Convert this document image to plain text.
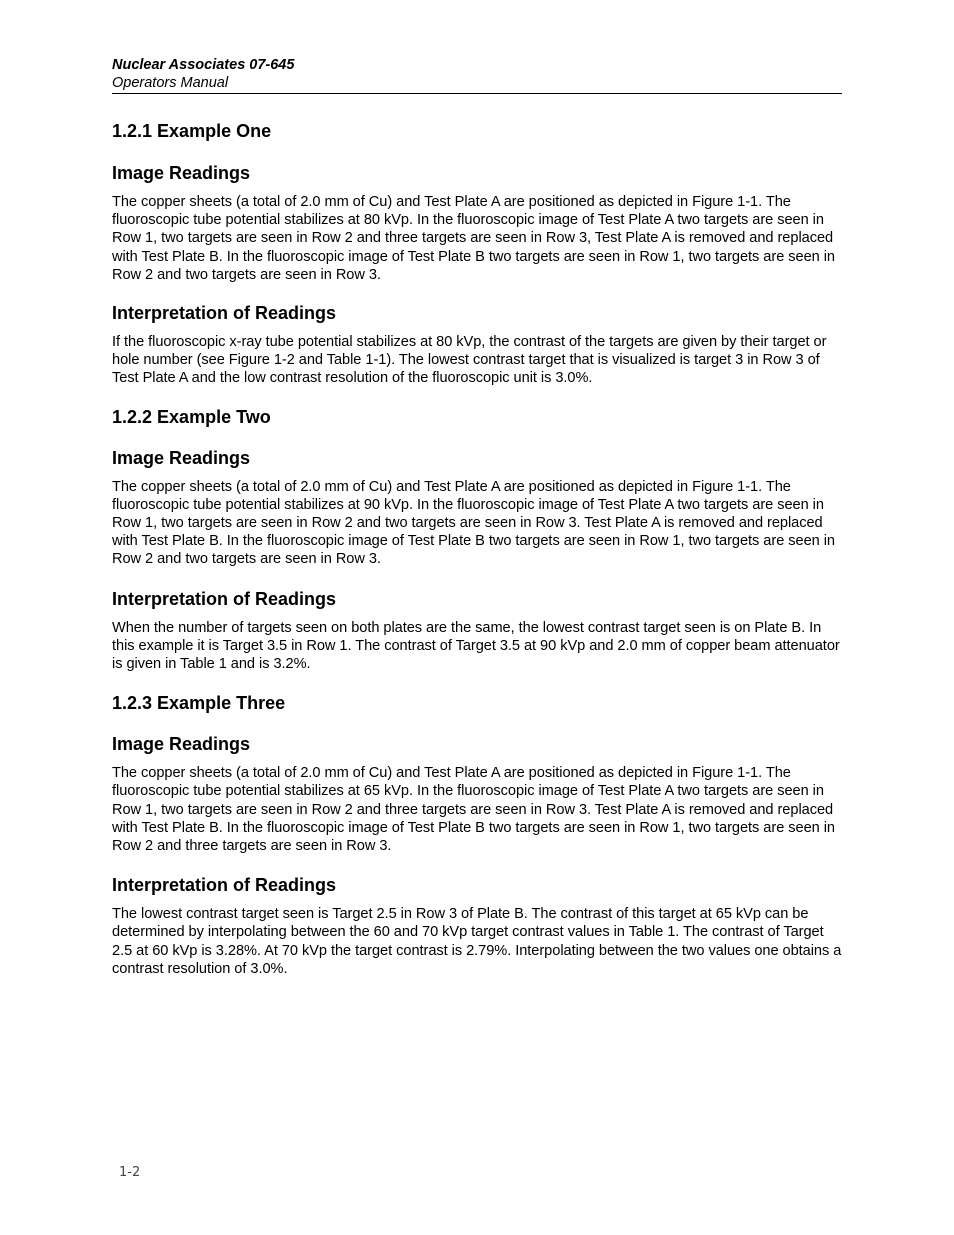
Nuclear Associates 07-645
Operators Manual
1.2.1 Example One
Image Readings

The copper sheets (a total of 2.0 mm of Cu) and Test Plate A are positioned as depicted in Figure 1-1. The fluoroscopic tube potential stabilizes at 80 kVp. In the fluoroscopic image of Test Plate A two targets are seen in Row 1, two targets are seen in Row 2 and three targets are seen in Row 3, Test Plate A is removed and replaced with Test Plate B. In the fluoroscopic image of Test Plate B two targets are seen in Row 1, two targets are seen in Row 2 and two targets are seen in Row 3.

Interpretation of Readings

If the fluoroscopic x-ray tube potential stabilizes at 80 kVp, the contrast of the targets are given by their target or hole number (see Figure 1-2 and Table 1-1). The lowest contrast target that is visualized is target 3 in Row 3 of Test Plate A and the low contrast resolution of the fluoroscopic unit is 3.0%.

1.2.2 Example Two
Image Readings

The copper sheets (a total of 2.0 mm of Cu) and Test Plate A are positioned as depicted in Figure 1-1. The fluoroscopic tube potential stabilizes at 90 kVp. In the fluoroscopic image of Test Plate A two targets are seen in Row 1, two targets are seen in Row 2 and two targets are seen in Row 3. Test Plate A is removed and replaced with Test Plate B. In the fluoroscopic image of Test Plate B two targets are seen in Row 1, two targets are seen in Row 2 and two targets are seen in Row 3.

Interpretation of Readings

When the number of targets seen on both plates are the same, the lowest contrast target seen is on Plate B. In this example it is Target 3.5 in Row 1. The contrast of Target 3.5 at 90 kVp and 2.0 mm of copper beam attenuator is given in Table 1 and is 3.2%.

1.2.3 Example Three
Image Readings

The copper sheets (a total of 2.0 mm of Cu) and Test Plate A are positioned as depicted in Figure 1-1. The fluoroscopic tube potential stabilizes at 65 kVp. In the fluoroscopic image of Test Plate A two targets are seen in Row 1, two targets are seen in Row 2 and three targets are seen in Row 3. Test Plate A is removed and replaced with Test Plate B. In the fluoroscopic image of Test Plate B two targets are seen in Row 1, two targets are seen in Row 2 and three targets are seen in Row 3.

Interpretation of Readings

The lowest contrast target seen is Target 2.5 in Row 3 of Plate B. The contrast of this target at 65 kVp can be determined by interpolating between the 60 and 70 kVp target contrast values in Table 1. The contrast of Target 2.5 at 60 kVp is 3.28%. At 70 kVp the target contrast is 2.79%. Interpolating between the two values one obtains a contrast resolution of 3.0%.

1-2
